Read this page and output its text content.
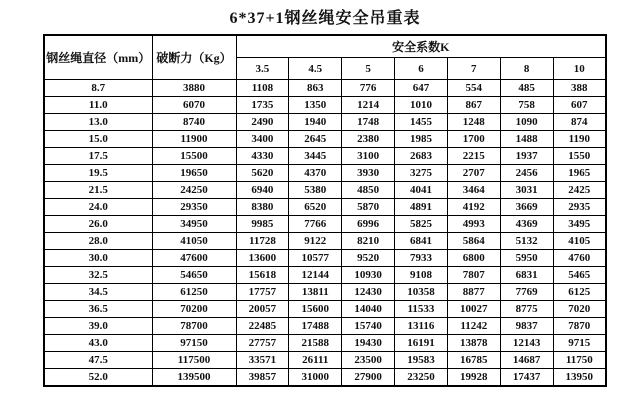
6*37+1钢丝绳安全吊重表
钢丝绳直径（mm）	破断力（Kg）	安全系数K						
		3.5	4.5	5	6	7	8	10
8.7	3880	1108	863	776	647	554	485	388
11.0	6070	1735	1350	1214	1010	867	758	607
13.0	8740	2490	1940	1748	1455	1248	1090	874
15.0	11900	3400	2645	2380	1985	1700	1488	1190
17.5	15500	4330	3445	3100	2683	2215	1937	1550
19.5	19650	5620	4370	3930	3275	2707	2456	1965
21.5	24250	6940	5380	4850	4041	3464	3031	2425
24.0	29350	8380	6520	5870	4891	4192	3669	2935
26.0	34950	9985	7766	6996	5825	4993	4369	3495
28.0	41050	11728	9122	8210	6841	5864	5132	4105
30.0	47600	13600	10577	9520	7933	6800	5950	4760
32.5	54650	15618	12144	10930	9108	7807	6831	5465
34.5	61250	17757	13811	12430	10358	8877	7769	6125
36.5	70200	20057	15600	14040	11533	10027	8775	7020
39.0	78700	22485	17488	15740	13116	11242	9837	7870
43.0	97150	27757	21588	19430	16191	13878	12143	9715
47.5	117500	33571	26111	23500	19583	16785	14687	11750
52.0	139500	39857	31000	27900	23250	19928	17437	13950
